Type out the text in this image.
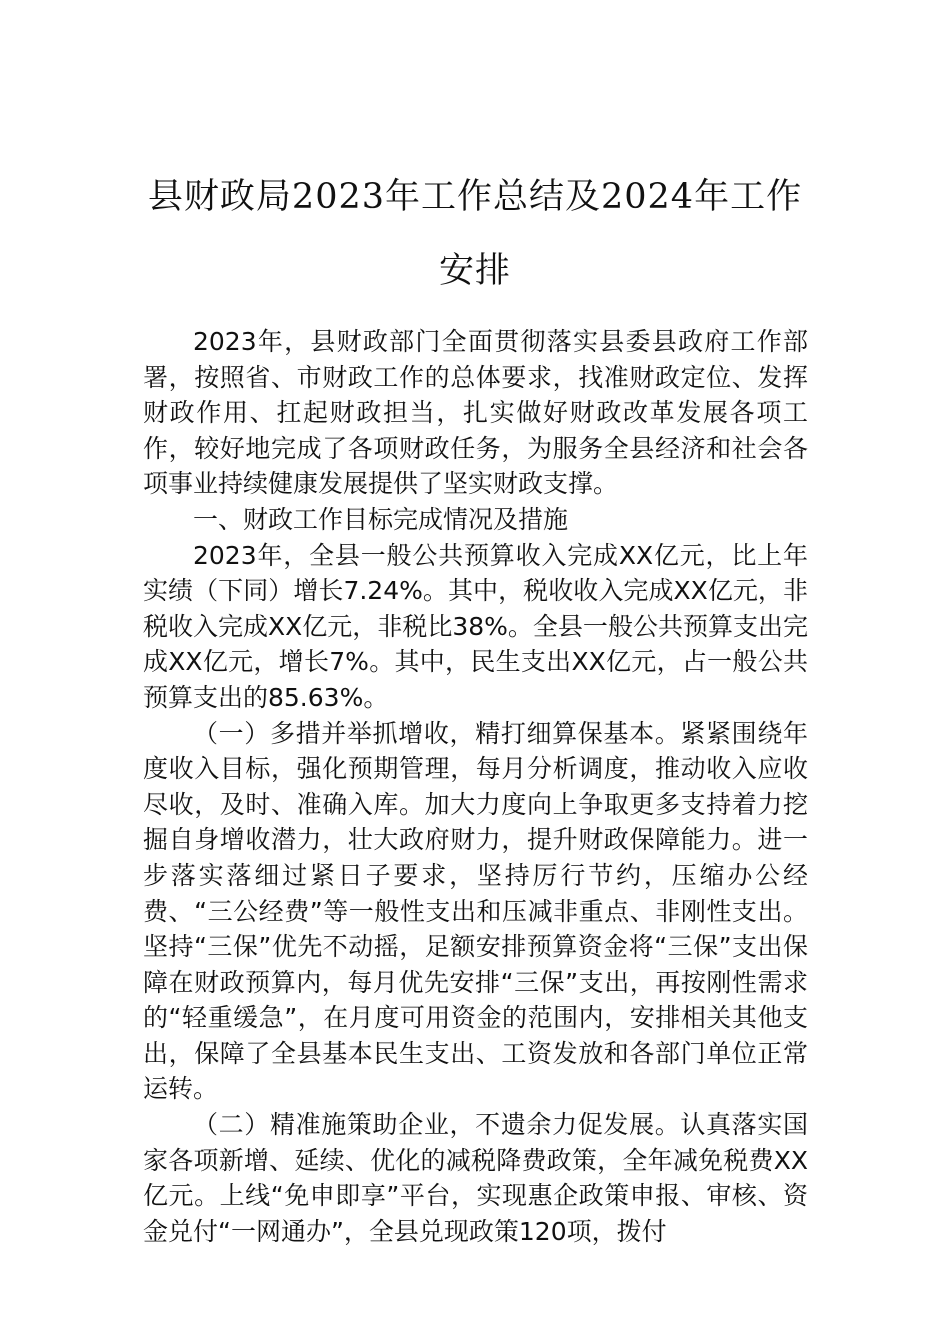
县财政局2023年工作总结及2024年工作安排

2023年，县财政部门全面贯彻落实县委县政府工作部署，按照省、市财政工作的总体要求，找准财政定位、发挥财政作用、扛起财政担当，扎实做好财政改革发展各项工作，较好地完成了各项财政任务，为服务全县经济和社会各项事业持续健康发展提供了坚实财政支撑。

一、财政工作目标完成情况及措施

2023年，全县一般公共预算收入完成XX亿元，比上年实绩（下同）增长7.24%。其中，税收收入完成XX亿元，非税收入完成XX亿元，非税比38%。全县一般公共预算支出完成XX亿元，增长7%。其中，民生支出XX亿元，占一般公共预算支出的85.63%。

（一）多措并举抓增收，精打细算保基本。紧紧围绕年度收入目标，强化预期管理，每月分析调度，推动收入应收尽收，及时、准确入库。加大力度向上争取更多支持着力挖掘自身增收潜力，壮大政府财力，提升财政保障能力。进一步落实落细过紧日子要求，坚持厉行节约，压缩办公经费、“三公经费”等一般性支出和压减非重点、非刚性支出。坚持“三保”优先不动摇，足额安排预算资金将“三保”支出保障在财政预算内，每月优先安排“三保”支出，再按刚性需求的“轻重缓急”，在月度可用资金的范围内，安排相关其他支出，保障了全县基本民生支出、工资发放和各部门单位正常运转。

（二）精准施策助企业，不遗余力促发展。认真落实国家各项新增、延续、优化的减税降费政策，全年减免税费XX亿元。上线“免申即享”平台，实现惠企政策申报、审核、资金兑付“一网通办”，全县兑现政策120项，拨付
